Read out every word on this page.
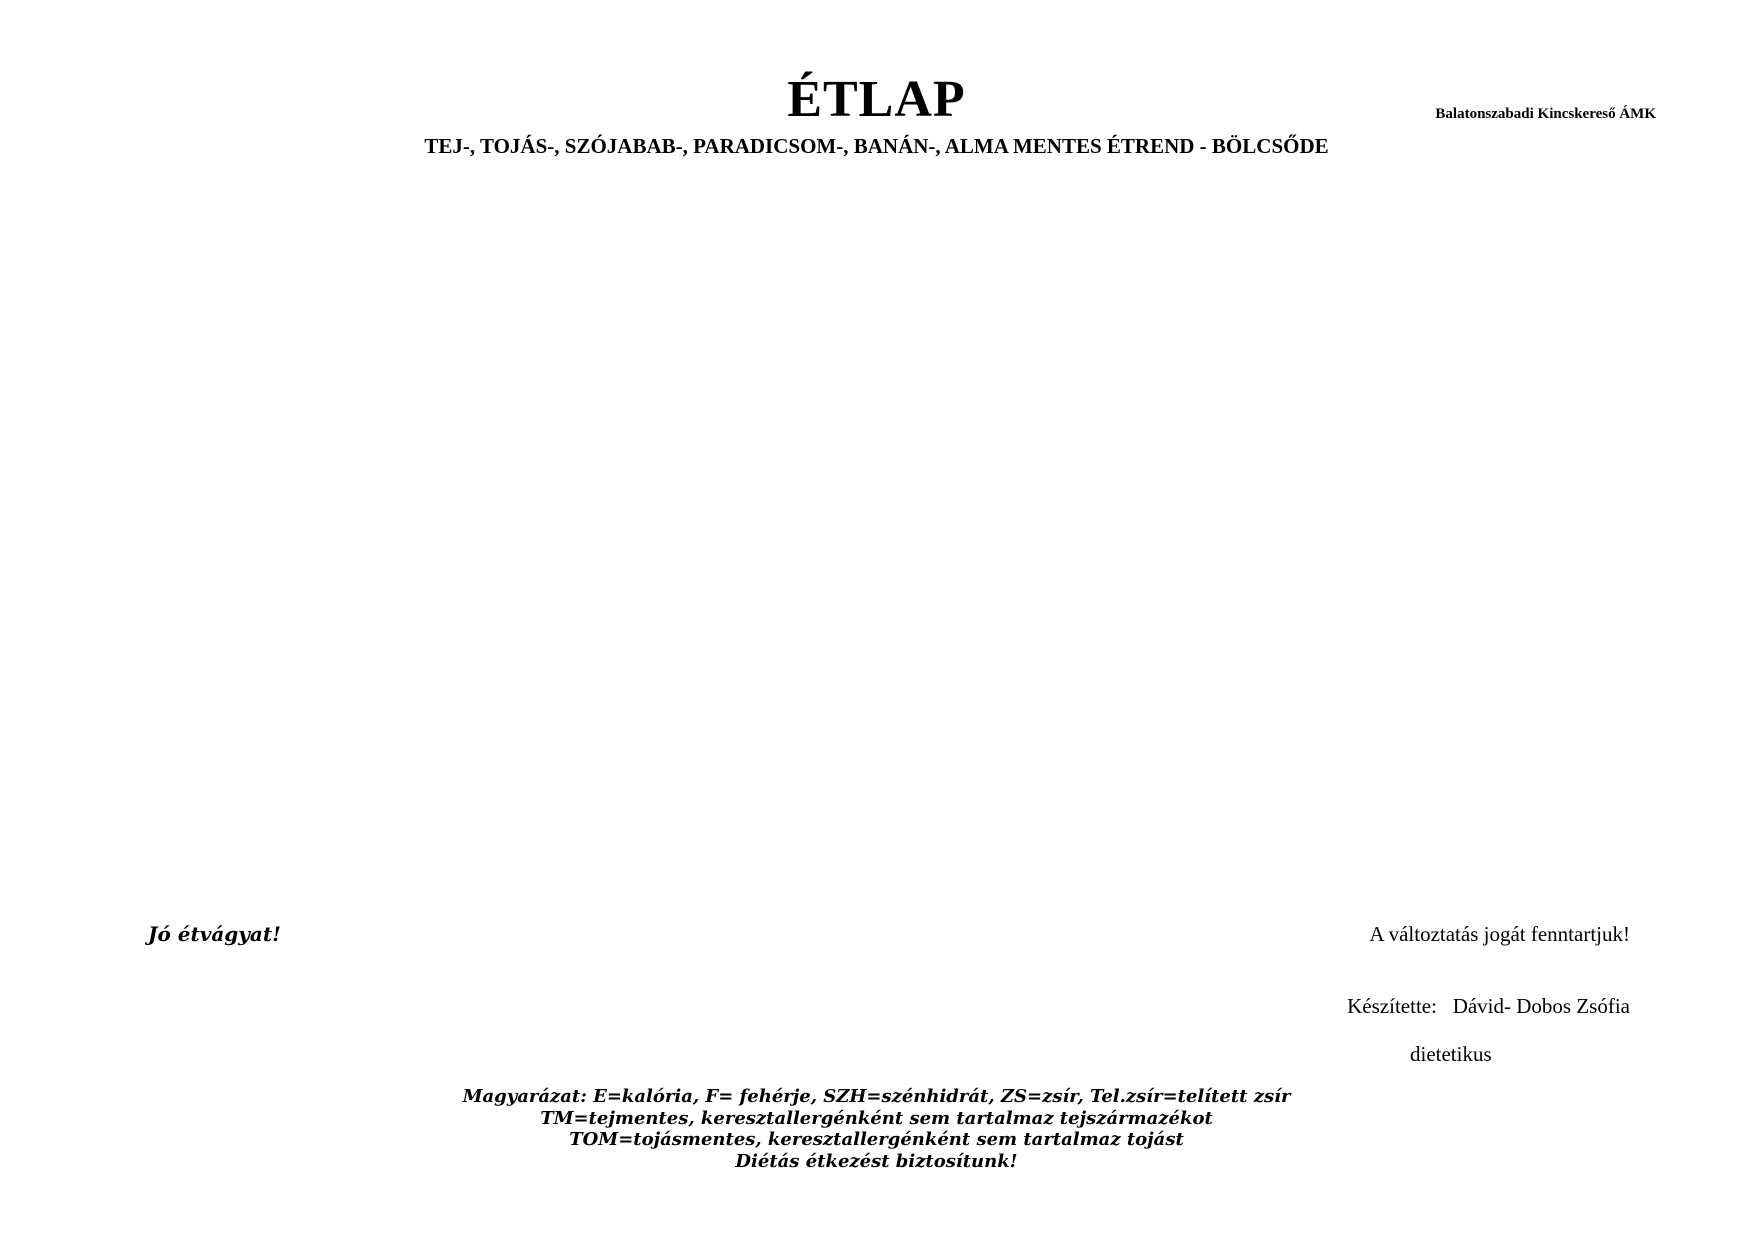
ÉTLAP	Balatonszabadi Kincskereső ÁMK
TEJ-, TOJÁS-, SZÓJABAB-, PARADICSOM-, BANÁN-, ALMA MENTES ÉTREND - BÖLCSŐDE
Jó étvágyat!	A változtatás jogát fenntartjuk!
Készítette: Dávid- Dobos Zsófia
dietetikus
Magyarázat: E=kalória, F= fehérje, SZH=szénhidrát, ZS=zsír, Tel.zsír=telített zsír
TM=tejmentes, keresztallergénként sem tartalmaz tejszármazékot
TOM=tojásmentes, keresztallergénként sem tartalmaz tojást
Diétás étkezést biztosítunk!
